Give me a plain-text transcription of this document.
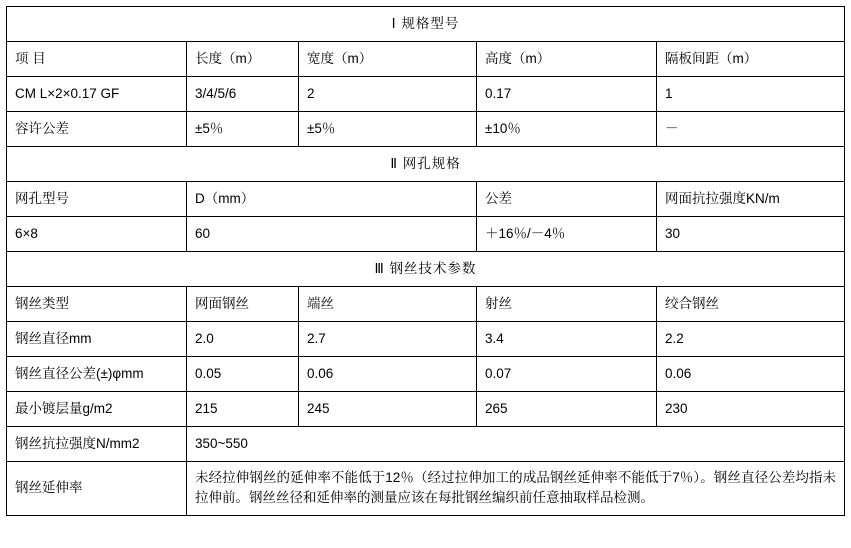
Ⅰ 规格型号				
项 目	长度（m）	宽度（m）	高度（m）	隔板间距（m）
CM L×2×0.17 GF	3/4/5/6	2	0.17	1
容许公差	±5％	±5％	±10％	－
Ⅱ 网孔规格				
网孔型号	D（mm）		公差	网面抗拉强度KN/m
6×8	60		＋16％/－4％	30
Ⅲ 钢丝技术参数				
钢丝类型	网面钢丝	端丝	射丝	绞合钢丝
钢丝直径mm	2.0	2.7	3.4	2.2
钢丝直径公差(±)φmm	0.05	0.06	0.07	0.06
最小镀层量g/m2	215	245	265	230
钢丝抗拉强度N/mm2	350~550			
钢丝延伸率	未经拉伸钢丝的延伸率不能低于12％（经过拉伸加工的成品钢丝延伸率不能低于7％）。钢丝直径公差均指未拉伸前。钢丝丝径和延伸率的测量应该在每批钢丝编织前任意抽取样品检测。			
